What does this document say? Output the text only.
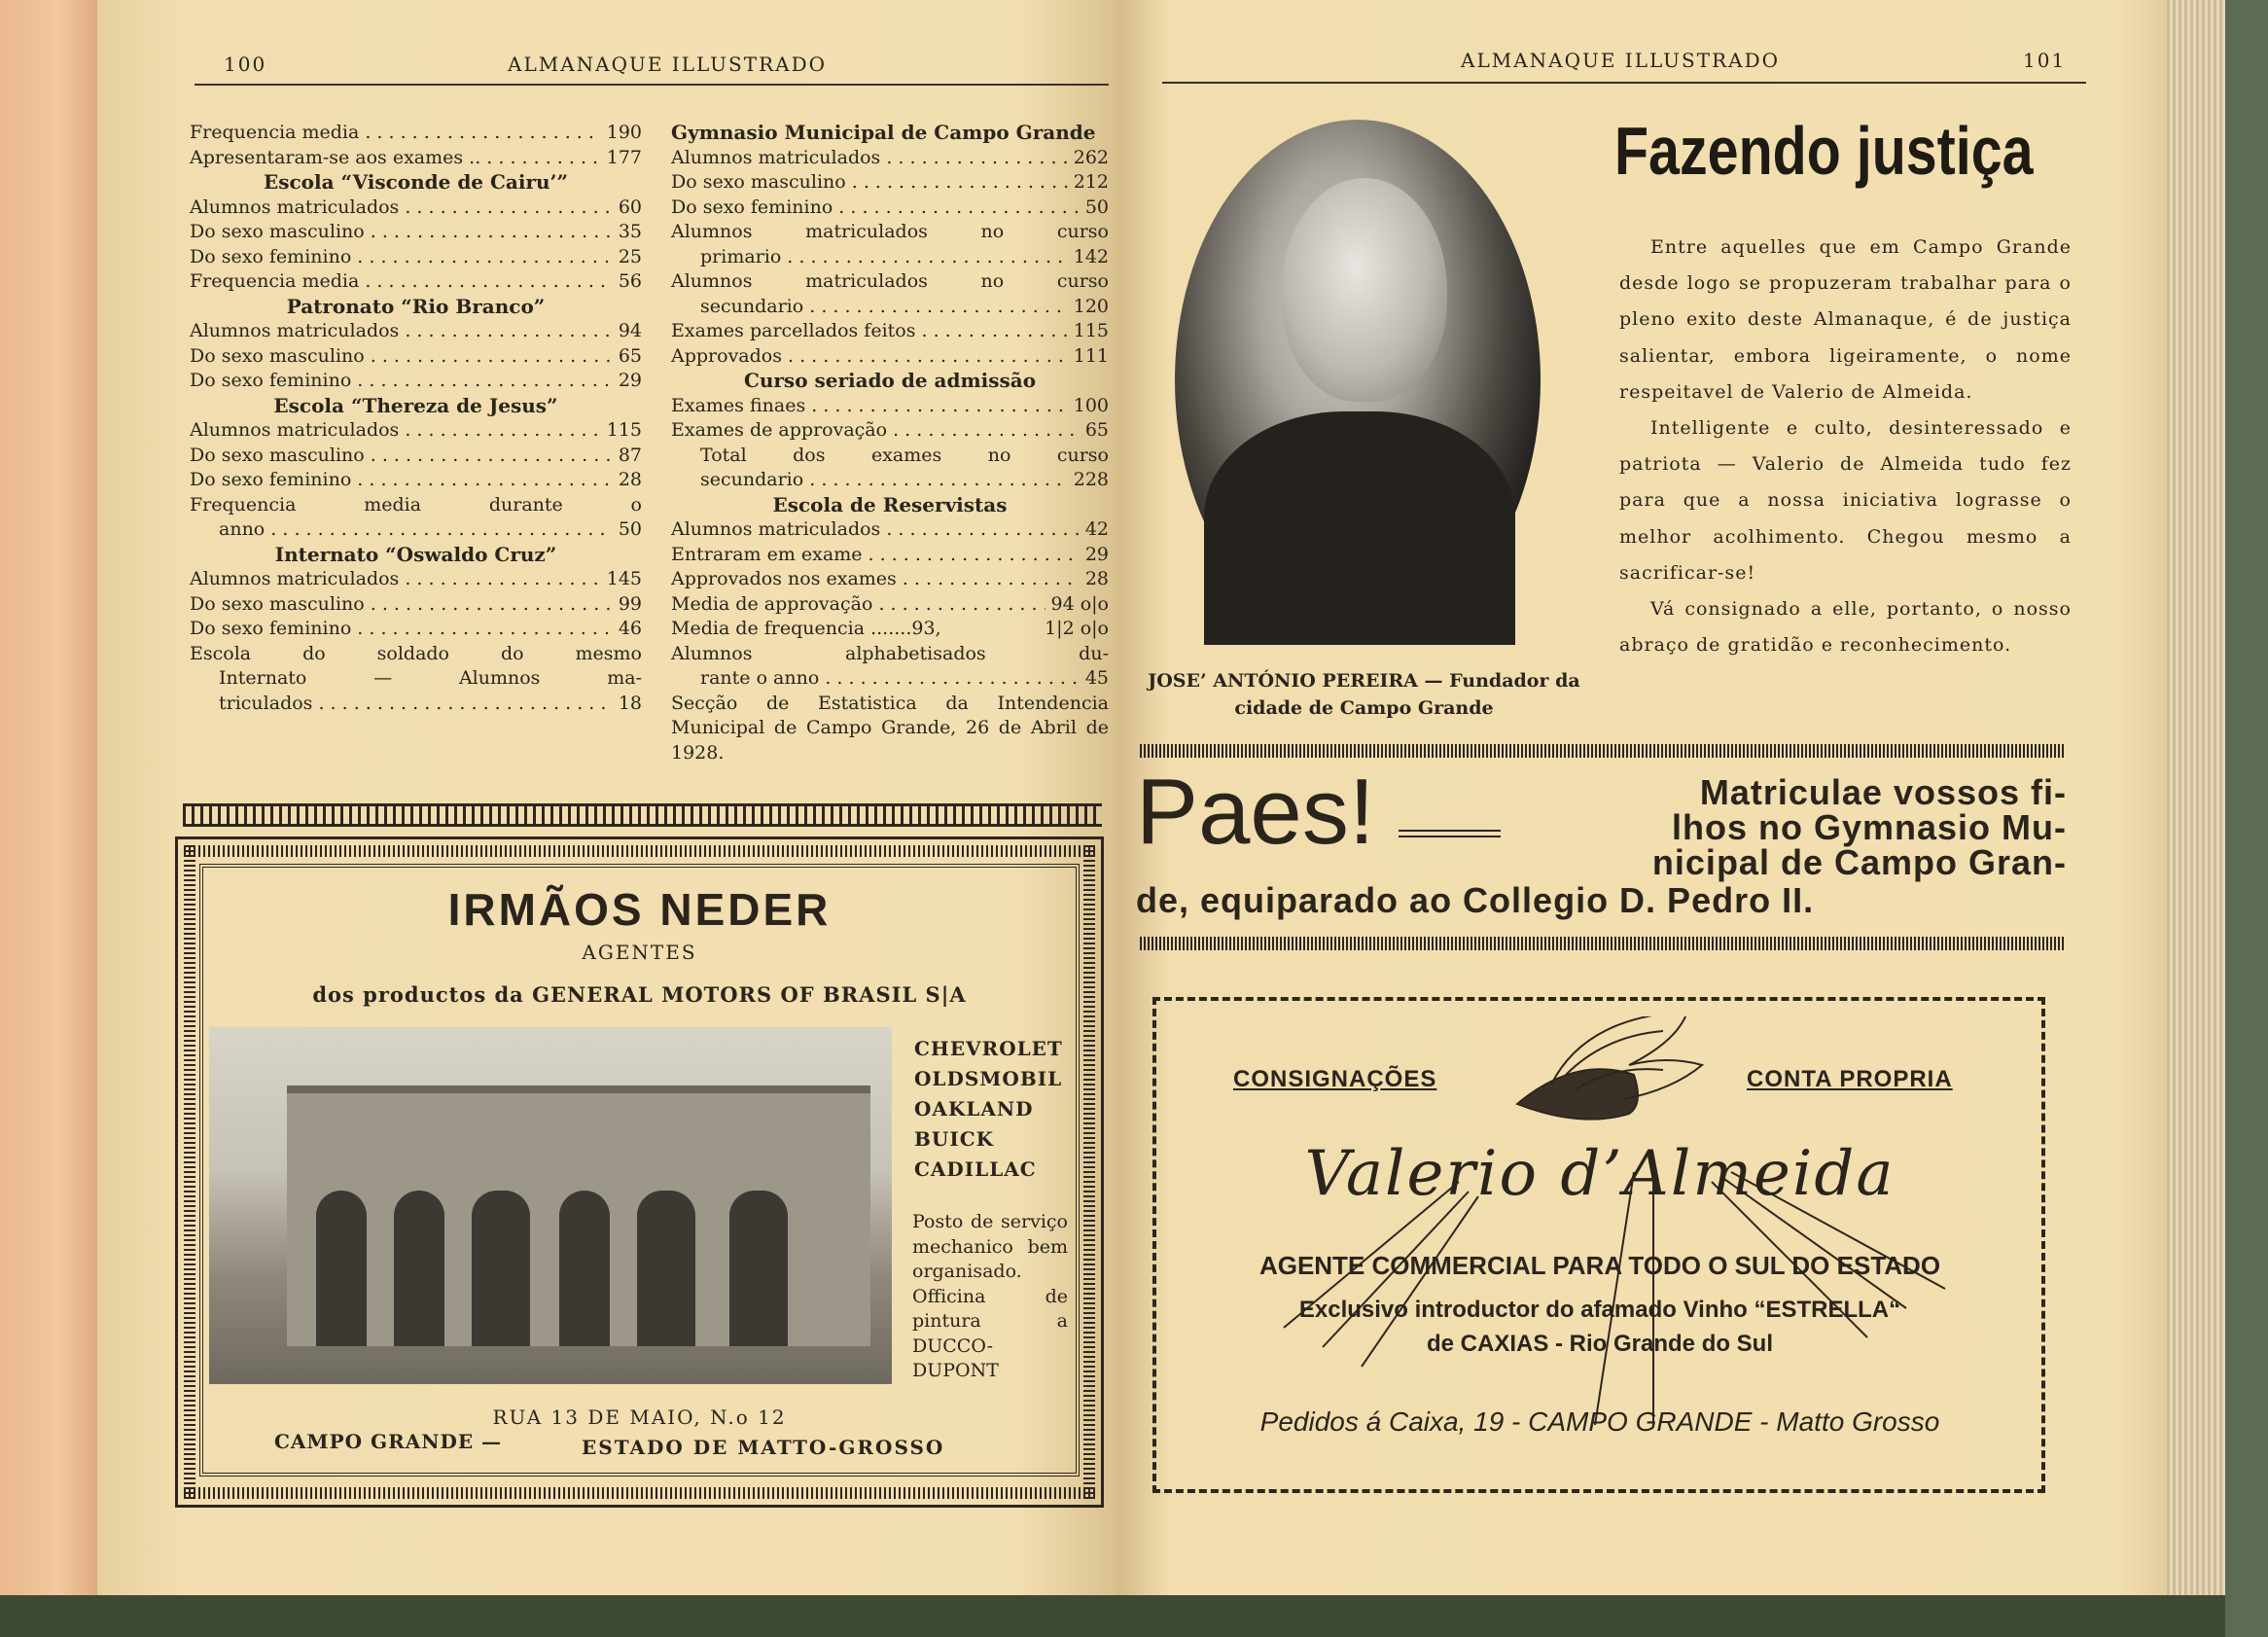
100	ALMANAQUE ILLUSTRADO
Frequencia media . . .	190
Apresentaram-se aos exames .. . . .	177
Escola “Visconde de Cairu’”
Alumnos matriculados . . .	60
Do sexo masculino . . .	35
Do sexo feminino . . .	25
Frequencia media . . .	56
Patronato “Rio Branco”
Alumnos matriculados . . .	94
Do sexo masculino . . .	65
Do sexo feminino . . .	29
Escola “Thereza de Jesus”
Alumnos matriculados . . .	115
Do sexo masculino . . .	87
Do sexo feminino . . .	28
Frequencia media durante o
anno . . .	50
Internato “Oswaldo Cruz”
Alumnos matriculados . . .	145
Do sexo masculino . . .	99
Do sexo feminino . . .	46
Escola do soldado do mesmo
Internato — Alumnos ma-
triculados . . .	18
Gymnasio Municipal de Campo Grande
Alumnos matriculados . . .	262
Do sexo masculino . . .	212
Do sexo feminino . . .	50
Alumnos matriculados no curso
primario . . .	142
Alumnos matriculados no curso
secundario . . .	120
Exames parcellados feitos . . .	115
Approvados . . .	111
Curso seriado de admissão
Exames finaes . . .	100
Exames de approvação . . .	65
Total dos exames no curso
secundario . . .	228
Escola de Reservistas
Alumnos matriculados . . .	42
Entraram em exame . . .	29
Approvados nos exames . . .	28
Media de approvação . . .	94 o|o
Media de frequencia .......93,	1|2 o|o
Alumnos alphabetisados du-
rante o anno . . .	45
Secção de Estatistica da Intendencia Municipal de Campo Grande, 26 de Abril de 1928.
IRMÃOS NEDER
AGENTES
dos productos da GENERAL MOTORS OF BRASIL S|A
CHEVROLET
OLDSMOBIL
OAKLAND
BUICK
CADILLAC
Posto de serviço mechanico bem organisado. Officina de pintura a DUCCO-DUPONT
RUA 13 DE MAIO, N.o 12
CAMPO GRANDE —	ESTADO DE MATTO-GROSSO
ALMANAQUE ILLUSTRADO	101
JOSE’ ANTÓNIO PEREIRA — Fundador da cidade de Campo Grande
Fazendo justiça
Entre aquelles que em Campo Grande desde logo se propuzeram trabalhar para o pleno exito deste Almanaque, é de justiça salientar, embora ligeiramente, o nome respeitavel de Valerio de Almeida.
Intelligente e culto, desinteressado e patriota — Valerio de Almeida tudo fez para que a nossa iniciativa lograsse o melhor acolhimento. Chegou mesmo a sacrificar-se!
Vá consignado a elle, portanto, o nosso abraço de gratidão e reconhecimento.
Paes!	Matriculae vossos fi-
lhos no Gymnasio Mu-
nicipal de Campo Gran-
de, equiparado ao Collegio D. Pedro II.
CONSIGNAÇÕES	CONTA PROPRIA
Valerio d’Almeida
AGENTE COMMERCIAL PARA TODO O SUL DO ESTADO
Exclusivo introductor do afamado Vinho “ESTRELLA“
de CAXIAS - Rio Grande do Sul
Pedidos á Caixa, 19 - CAMPO GRANDE - Matto Grosso
